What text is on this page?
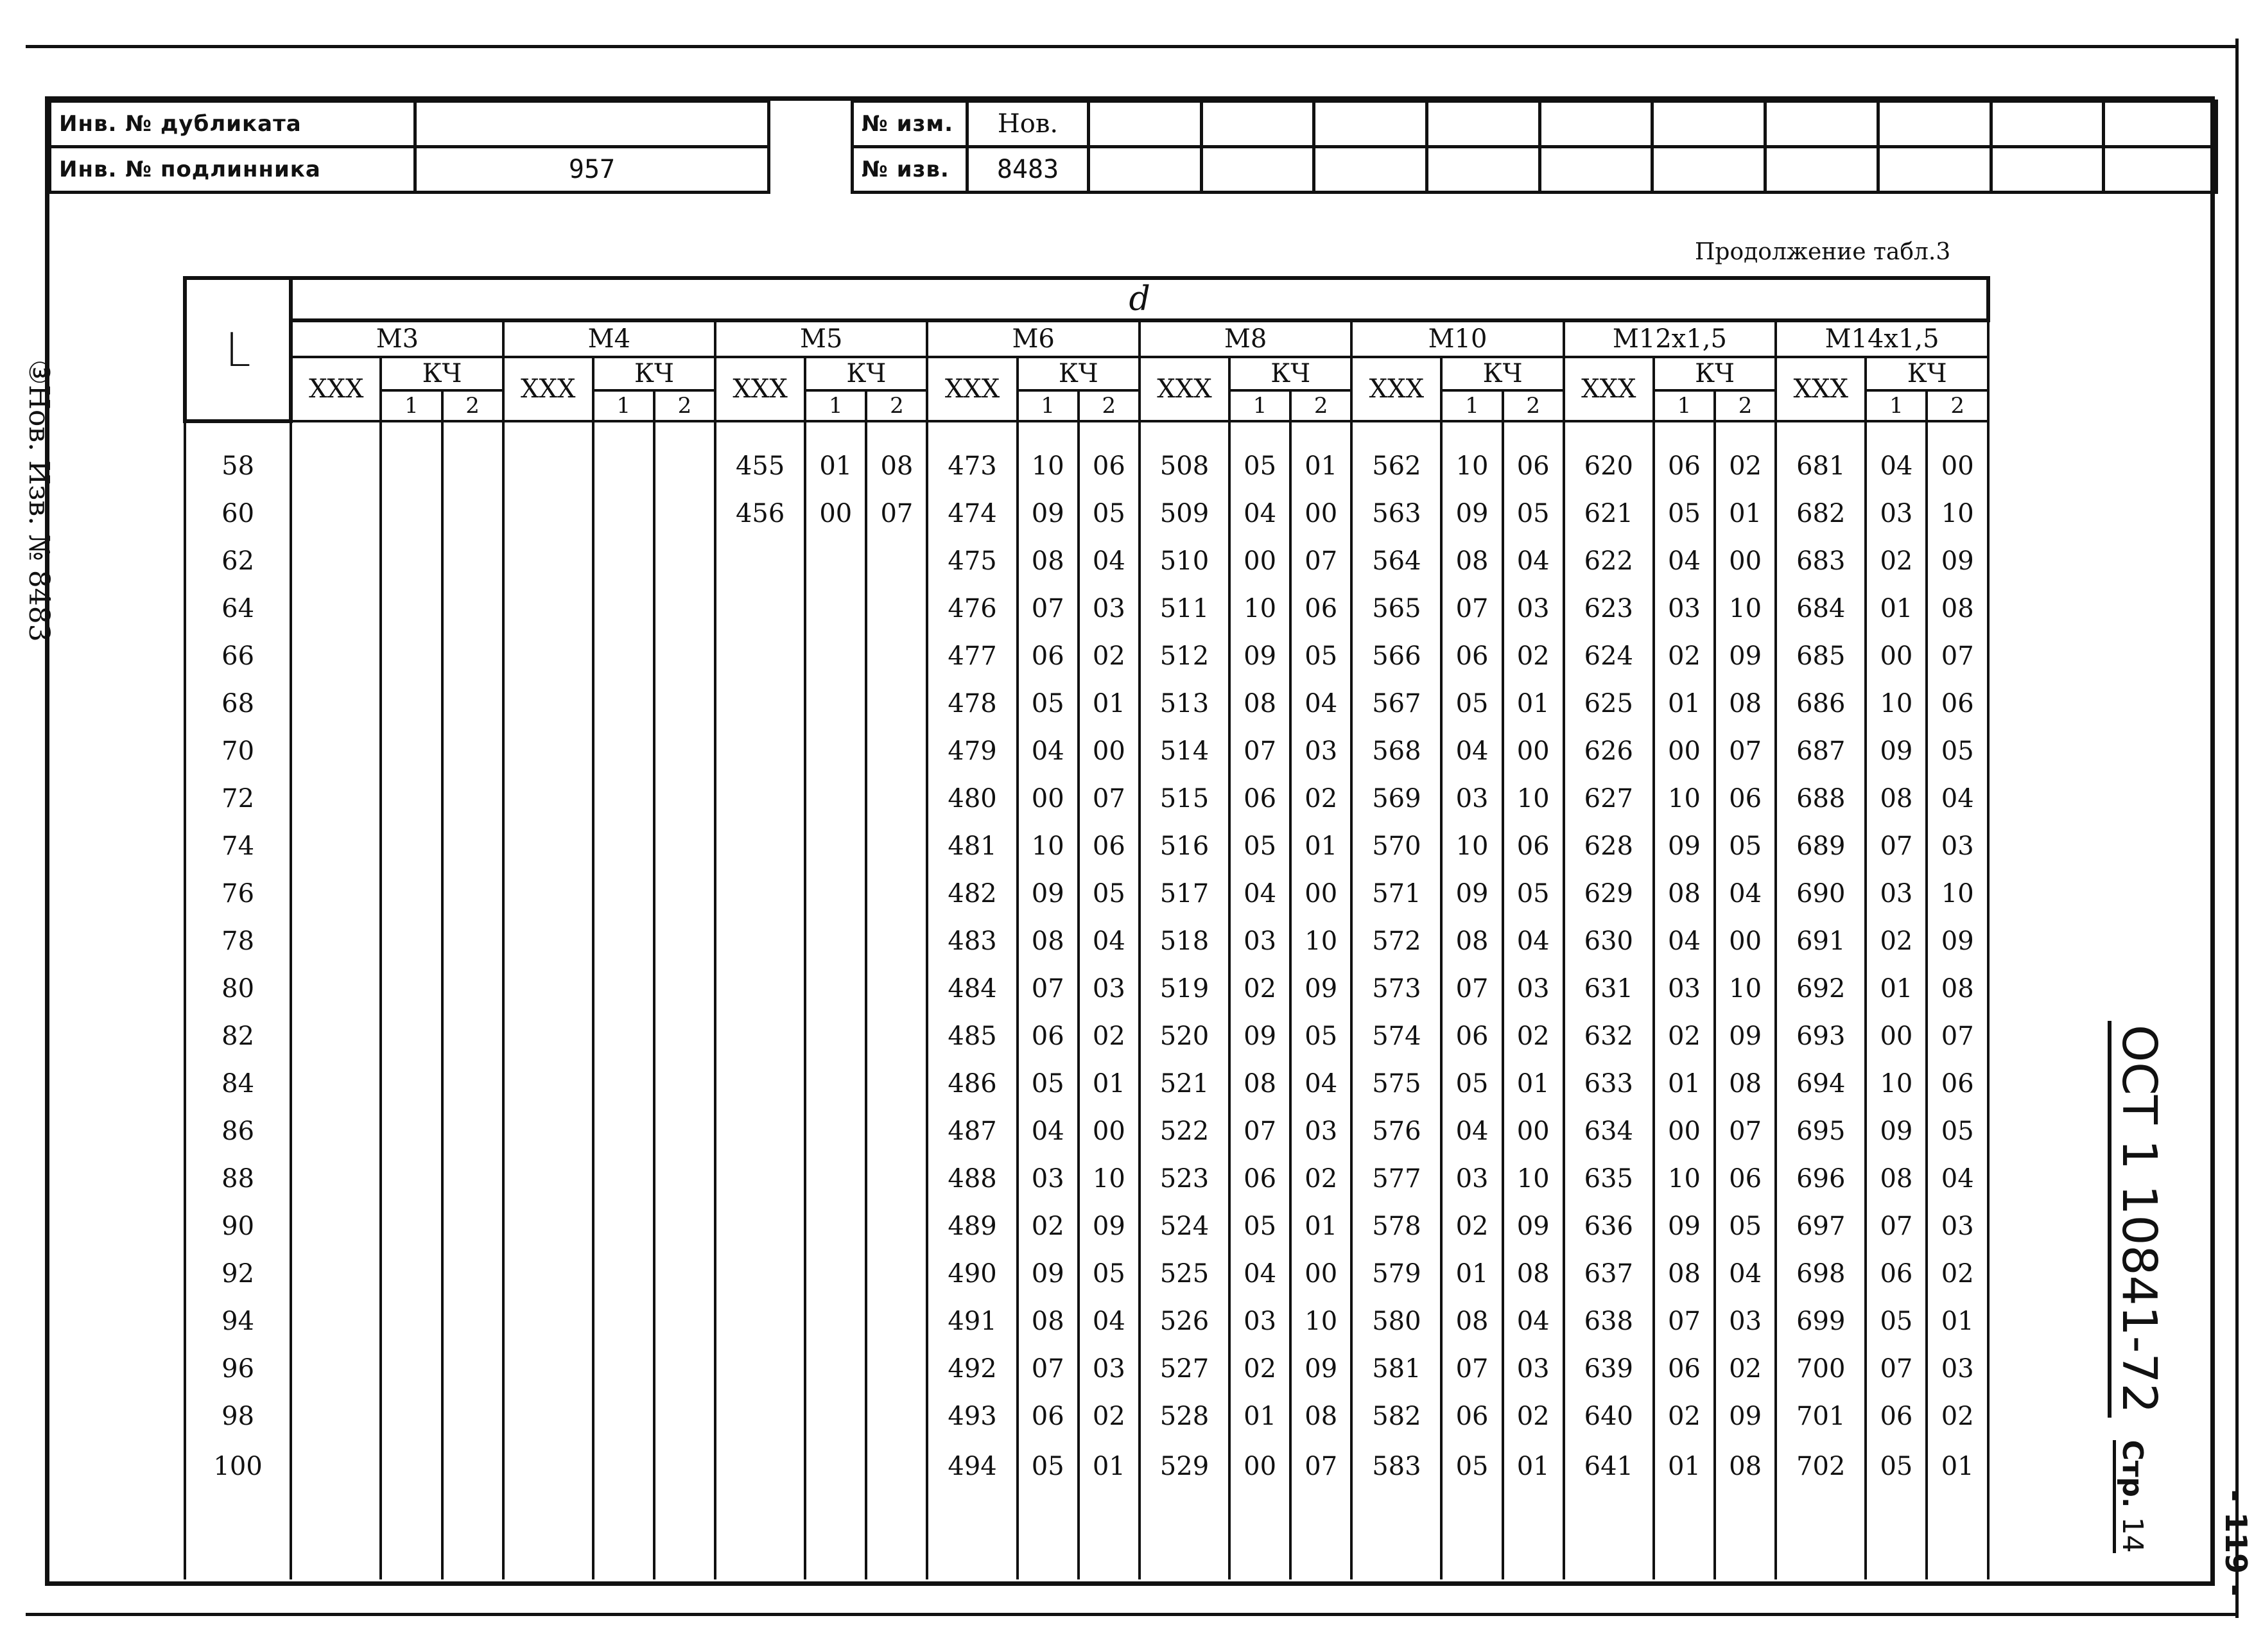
Инв. № дубликата	
Инв. № подлинника	957
№ изм.	Нов.										
№ изв.	8483										
③Нов. Изв. № 8483
Продолжение табл.3
L	d																							
	M3			M4			M5			M6			M8			M10			M12x1,5			M14x1,5		
	XXX	КЧ		XXX	КЧ		XXX	КЧ		XXX	КЧ		XXX	КЧ		XXX	КЧ		XXX	КЧ		XXX	КЧ	
		1	2		1	2		1	2		1	2		1	2		1	2		1	2		1	2

58							455	01	08	473	10	06	508	05	01	562	10	06	620	06	02	681	04	00
60							456	00	07	474	09	05	509	04	00	563	09	05	621	05	01	682	03	10
62										475	08	04	510	00	07	564	08	04	622	04	00	683	02	09
64										476	07	03	511	10	06	565	07	03	623	03	10	684	01	08
66										477	06	02	512	09	05	566	06	02	624	02	09	685	00	07
68										478	05	01	513	08	04	567	05	01	625	01	08	686	10	06
70										479	04	00	514	07	03	568	04	00	626	00	07	687	09	05
72										480	00	07	515	06	02	569	03	10	627	10	06	688	08	04
74										481	10	06	516	05	01	570	10	06	628	09	05	689	07	03
76										482	09	05	517	04	00	571	09	05	629	08	04	690	03	10
78										483	08	04	518	03	10	572	08	04	630	04	00	691	02	09
80										484	07	03	519	02	09	573	07	03	631	03	10	692	01	08
82										485	06	02	520	09	05	574	06	02	632	02	09	693	00	07
84										486	05	01	521	08	04	575	05	01	633	01	08	694	10	06
86										487	04	00	522	07	03	576	04	00	634	00	07	695	09	05
88										488	03	10	523	06	02	577	03	10	635	10	06	696	08	04
90										489	02	09	524	05	01	578	02	09	636	09	05	697	07	03
92										490	09	05	525	04	00	579	01	08	637	08	04	698	06	02
94										491	08	04	526	03	10	580	08	04	638	07	03	699	05	01
96										492	07	03	527	02	09	581	07	03	639	06	02	700	07	03
98										493	06	02	528	01	08	582	06	02	640	02	09	701	06	02
100										494	05	01	529	00	07	583	05	01	641	01	08	702	05	01
ОСТ 1 10841-72 Стр. 14	- 119 -
